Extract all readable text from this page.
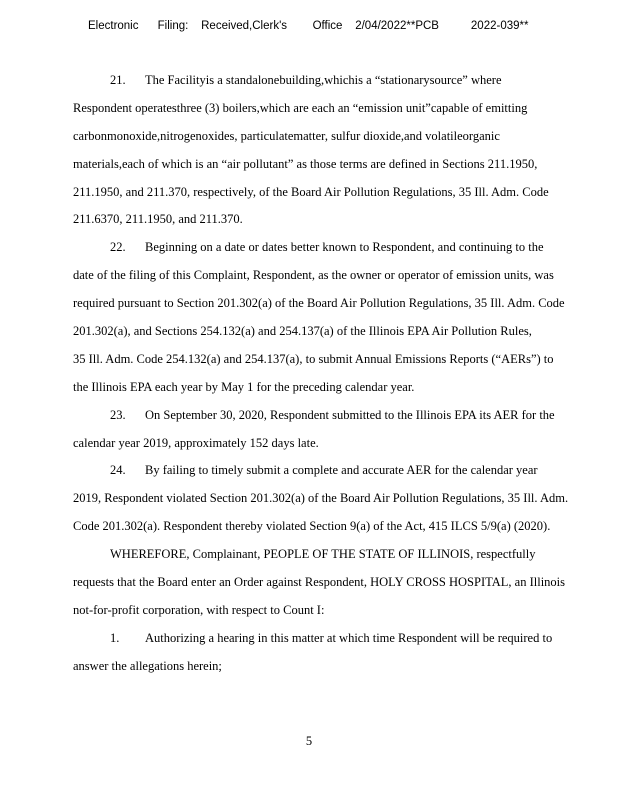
Electronic      Filing:    Received,Clerk's        Office    2/04/2022**PCB          2022-039**
21. The Facilityis a standalonebuilding,whichis a “stationarysource” where
Respondent operatesthree (3) boilers,which are each an “emission unit”capable of emitting
carbonmonoxide,nitrogenoxides, particulatematter, sulfur dioxide,and volatileorganic
materials,each of which is an “air pollutant” as those terms are defined in Sections 211.1950,
211.1950, and 211.370, respectively, of the Board Air Pollution Regulations, 35 Ill. Adm. Code
211.6370, 211.1950, and 211.370.
22. Beginning on a date or dates better known to Respondent, and continuing to the
date of the filing of this Complaint, Respondent, as the owner or operator of emission units, was
required pursuant to Section 201.302(a) of the Board Air Pollution Regulations, 35 Ill. Adm. Code
201.302(a), and Sections 254.132(a) and 254.137(a) of the Illinois EPA Air Pollution Rules,
35 Ill. Adm. Code 254.132(a) and 254.137(a), to submit Annual Emissions Reports (“AERs”) to
the Illinois EPA each year by May 1 for the preceding calendar year.
23. On September 30, 2020, Respondent submitted to the Illinois EPA its AER for the
calendar year 2019, approximately 152 days late.
24. By failing to timely submit a complete and accurate AER for the calendar year
2019, Respondent violated Section 201.302(a) of the Board Air Pollution Regulations, 35 Ill. Adm.
Code 201.302(a). Respondent thereby violated Section 9(a) of the Act, 415 ILCS 5/9(a) (2020).
WHEREFORE, Complainant, PEOPLE OF THE STATE OF ILLINOIS, respectfully
requests that the Board enter an Order against Respondent, HOLY CROSS HOSPITAL, an Illinois
not-for-profit corporation, with respect to Count I:
1. Authorizing a hearing in this matter at which time Respondent will be required to
answer the allegations herein;
5
